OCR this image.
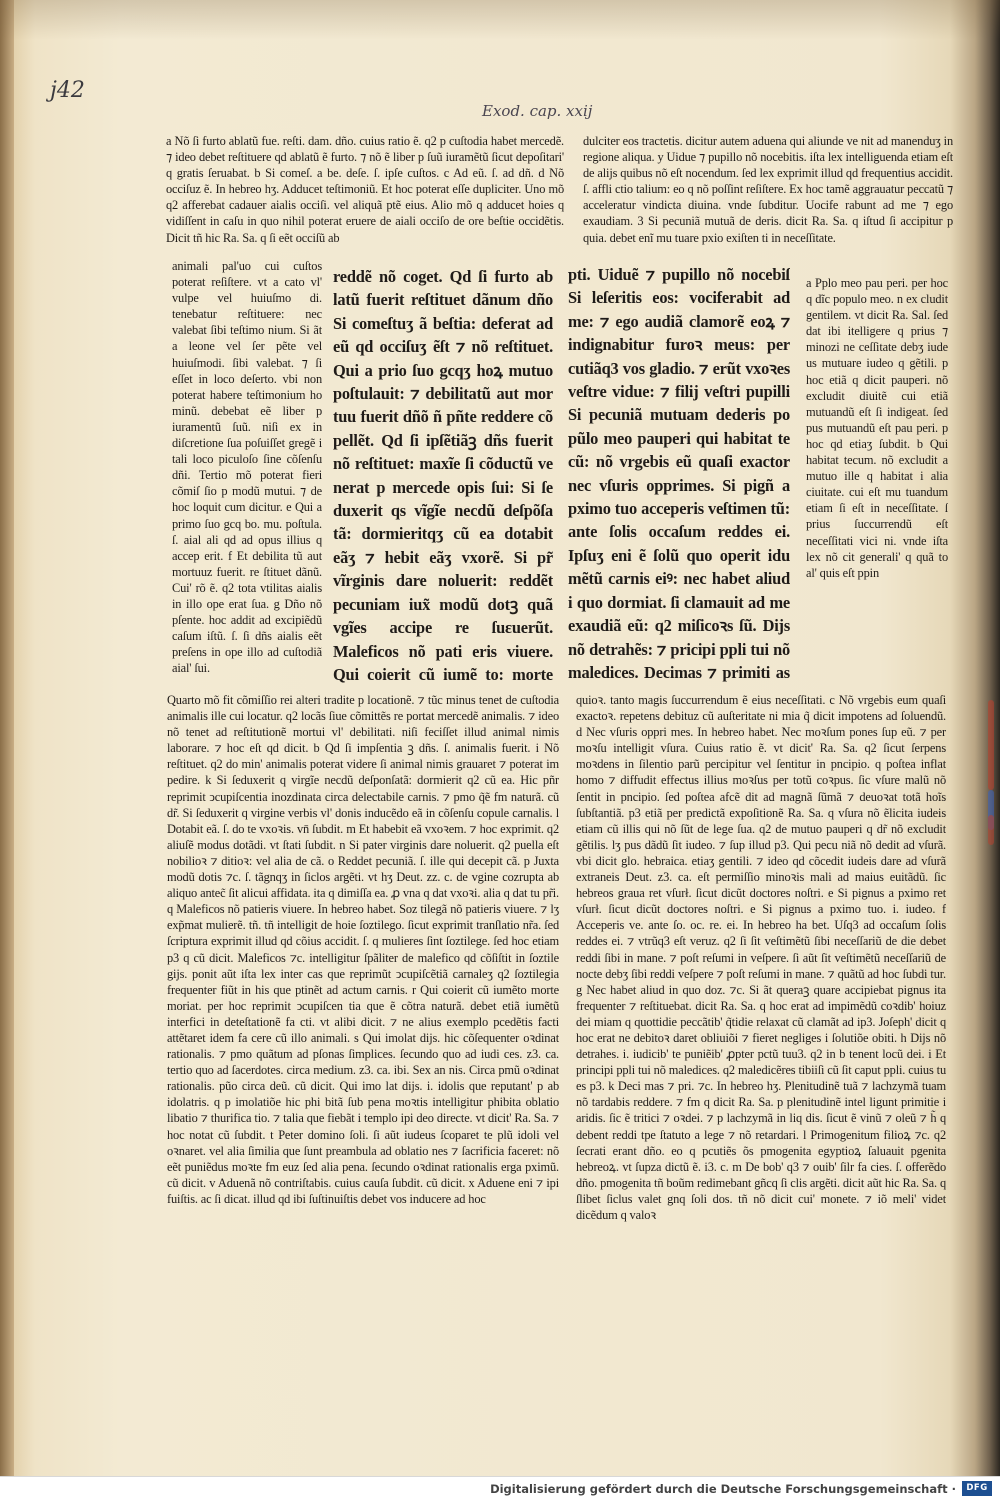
j42
Exod. cap. xxij
a Nõ ſi furto ablatũ fue. reſti. dam. dño. cuius ratio ẽ. q2 p cuſtodia habet mercedẽ. ⁊ ideo debet reſtituere qd ablatũ ẽ furto. ⁊ nõ ẽ liber p ſuũ iuramẽtũ ſicut depoſitari' q gratis ſeruabat. b Si comeſ. a be. deſe. ſ. ipſe cuſtos. c Ad eũ. ſ. ad dñ. d Nõ occiſuz ẽ. In hebreo hʒ. Adducet teſtimoniũ. Et hoc poterat eſſe dupliciter. Uno mõ q2 afferebat cadauer aialis occiſi. vel aliquã ptẽ eius. Alio mõ q adducet hoies q vidiſſent in caſu in quo nihil poterat eruere de aiali occiſo de ore beſtie occidẽtis. Dicit tñ hic Ra. Sa. q ſi eẽt occiſũ ab
dulciter eos tractetis. dicitur autem aduena qui aliunde ve nit ad manenduʒ in regione aliqua. y Uidue ⁊ pupillo nõ nocebitis. iſta lex intelliguenda etiam eſt de alijs quibus nõ eſt nocendum. ſed lex exprimit illud qd frequentius accidit. ſ. affli ctio talium: eo q nõ poſſint reſiſtere. Ex hoc tamẽ aggrauatur peccatũ ⁊ acceleratur vindicta diuina. vnde ſubditur. Uocife rabunt ad me ⁊ ego exaudiam. 3 Si pecuniã mutuã de deris. dicit Ra. Sa. q iſtud ſi accipitur p quia. debet enĩ mu tuare pxio exiſten ti in neceſſitate.
animali pal'uo cui cuſtos poterat reſiſtere. vt a cato vl' vulpe vel huiuſmo di. tenebatur reſtituere: nec valebat ſibi teſtimo nium. Si ãt a leone vel ſer pẽte vel huiuſmodi. ſibi valebat. ⁊ ſi eſſet in loco deſerto. vbi non poterat habere teſtimonium ho minũ. debebat eẽ liber p iuramentũ ſuũ. niſi ex in diſcretione ſua poſuiſſet gregẽ i tali loco piculoſo ſine cõſenſu dñi. Tertio mõ poterat fieri cõmiſ ſio p modũ mutui. ⁊ de hoc loquit cum dicitur. e Qui a primo ſuo gcq bo. mu. poſtula. ſ. aial ali qd ad opus illius q accep erit. f Et debilita tũ aut mortuuz fuerit. re ſtituet dãnũ. Cui' rõ ẽ. q2 tota vtilitas aialis in illo ope erat ſua. g Dño nõ pſente. hoc addit ad excipiẽdũ caſum iſtũ. ſ. ſi dñs aialis eẽt preſens in ope illo ad cuſtodiã aial' ſui.
reddẽ nõ coget. Qd ſi furto ab latũ fuerit reſtituet dãnum dño Si comeſtuʒ ã beſtia: deferat ad eũ qd occiſuʒ ẽſt ⁊ nõ reſtituet. Qui a prio ſuo gcqʒ hoꝝ mutuo poſtulauit: ⁊ debilitatũ aut mor tuu fuerit dñõ ñ pñte reddere cõ pellẽt. Qd ſi ipſẽtiãꝫ dñs fuerit nõ reſtituet: maxĩe ſi cõductũ ve nerat p mercede opis ſui: Si ſe duxerit qs vĩgĩe necdũ deſpõſa tã: dormieritqʒ cũ ea dotabit eãʒ ⁊ hebit eãʒ vxorẽ. Si pr̃ vĩrginis dare noluerit: reddẽt pecuniam iux̃ modũ dotꝫ quã vgĩes accipe re ſuεuerũt. Maleficos nõ pati eris viuere. Qui coierit cũ iumẽ to: morte
pti. Uiduẽ ⁊ pupillo nõ nocebiſ Si leſeritis eos: vociferabit ad me: ⁊ ego audiã clamorẽ eoꝝ ⁊ indignabitur furoꝛ meus: per cutiãq3 vos gladio. ⁊ erũt vxoꝛes veſtre vidue: ⁊ filij veſtri pupilli Si pecuniã mutuam dederis po pũlo meo pauperi qui habitat te cũ: nõ vrgebis eũ quaſi exactor nec vſuris opprimes. Si pigñ a pximo tuo acceperis veſtimen tũ: ante ſolis occaſum reddes ei. Ipſuʒ eni ẽ ſolũ quo operit idu mẽtũ carnis eiꝰ: nec habet aliud i quo dormiat. ſi clamauit ad me exaudiã eũ: q2 miſicoꝛs ſũ. Dijs nõ detrahẽs: ⁊ pricipi ppli tui nõ maledices. Decimas ⁊ primiti as
a Pplo meo pau peri. per hoc q dĩc populo meo. n ex cludit gentilem. vt dicit Ra. Sal. ſed dat ibi itelligere q prius ⁊ minozi ne ceſſitate debʒ iude us mutuare iudeo q gẽtili. p hoc etiã q dicit pauperi. nõ excludit diuitẽ cui etiã mutuandũ eſt ſi indigeat. ſed pus mutuandũ eſt pau peri. p hoc qd etiaʒ ſubdit. b Qui habitat tecum. nõ excludit a mutuo ille q habitat i alia ciuitate. cui eſt mu tuandum etiam ſi eſt in neceſſitate. ſ prius ſuccurrendũ eſt neceſſitati vici ni. vnde iſta lex nõ cit generali' q quã to al' quis eſt ppin
Quarto mõ fit cõmiſſio rei alteri tradite p locationẽ. ⁊ tũc minus tenet de cuſtodia animalis ille cui locatur. q2 locãs ſiue cõmittẽs re portat mercedẽ animalis. ⁊ ideo nõ tenet ad reſtitutionẽ mortui vl' debilitati. niſi feciſſet illud animal nimis laborare. ⁊ hoc eſt qd dicit. b Qd ſi impſentia ꝫ dñs. ſ. animalis fuerit. i Nõ reſtituet. q2 do min' animalis poterat videre ſi animal nimis grauaret ⁊ poterat im pedire. k Si ſeduxerit q virgĩe necdũ deſponſatã: dormierit q2 cũ ea. Hic pñr reprimit ↄcupiſcentia inozdinata circa delectabile carnis. ⁊ pmo q̃ẽ fm naturã. cũ dr̃. Si ſeduxerit q virgine verbis vl' donis inducẽdo eã in cõſenſu copule carnalis. l Dotabit eã. ſ. do te vxoꝛis. vn̄ ſubdit. m Et habebit eã vxoꝛem. ⁊ hoc exprimit. q2 aliuſẽ modus dotãdi. vt ſtati ſubdit. n Si pater virginis dare noluerit. q2 puella eſt nobilioꝛ ⁊ ditioꝛ: vel alia de cã. o Reddet pecuniã. ſ. ille qui decepit cã. p Juxta modũ dotis ⁊c. ſ. tãgnqʒ in ſiclos argẽti. vt hʒ Deut. zz. c. de vgine cozrupta ab aliquo antec̃ ſit alicui affidata. ita q dimiſſa ea. ꝓ vna q dat vxoꝛi. alia q dat tu pr̃i. q Maleficos nõ patieris viuere. In hebreo habet. Soz tilegã nõ patieris viuere. ⁊ lʒ exp̃mat mulierẽ. tñ. tñ intelligit de hoie ſoztilego. ſicut exprimit tranſlatio nr̃a. ſed ſcriptura exprimit illud qd cõius accidit. ſ. q mulieres ſint ſoztilege. ſed hoc etiam p3 q cũ dicit. Maleficos ⁊c. intelligitur ſpãliter de malefico qd cõſiſtit in ſoztile gijs. ponit aũt iſta lex inter cas que reprimũt ↄcupiſcẽtiã carnaleʒ q2 ſoztilegia frequenter fiũt in his que ptinẽt ad actum carnis. r Qui coierit cũ iumẽto morte moriat. per hoc reprimit ↄcupiſcen tia que ẽ cõtra naturã. debet etiã iumẽtũ interfici in deteſtationẽ fa cti. vt alibi dicit. ⁊ ne alius exemplo pcedẽtis facti attẽtaret idem fa cere cũ illo animali. s Qui imolat dijs. hic cõſequenter oꝛdinat rationalis. ⁊ pmo quãtum ad pſonas ſimplices. ſecundo quo ad iudi ces. z3. ca. tertio quo ad ſacerdotes. circa medium. z3. ca. ibi. Sex an nis. Circa pmũ oꝛdinat rationalis. pũo circa deũ. cũ dicit. Qui imo lat dijs. i. idolis que reputant' p ab idolatris. q p imolatiõe hic phi bitã ſub pena moꝛtis intelligitur phibita oblatio libatio ⁊ thurifica tio. ⁊ talia que fiebãt i templo ipi deo directe. vt dicit' Ra. Sa. ⁊ hoc notat cũ ſubdit. t Peter domino ſoli. ſi aũt iudeus ſcoparet te plũ idoli vel oꝛnaret. vel alia ſimilia que ſunt preambula ad oblatio nes ⁊ ſacrificia faceret: nõ eẽt puniẽdus moꝛte fm euz ſed alia pena. ſecundo oꝛdinat rationalis erga pximũ. cũ dicit. v Aduenã nõ contriſtabis. cuius cauſa ſubdit. cũ dicit. x Aduene eni ⁊ ipi fuiſtis. ac ſi dicat. illud qd ibi ſuſtinuiſtis debet vos inducere ad hoc
quioꝛ. tanto magis ſuccurrendum ẽ eius neceſſitati. c Nõ vrgebis eum quaſi exactoꝛ. repetens debituz cũ auſteritate ni mia q̃ dicit impotens ad ſoluendũ. d Nec vſuris oppri mes. In hebreo habet. Nec moꝛſum pones ſup eũ. ⁊ per moꝛſu intelligit vſura. Cuius ratio ẽ. vt dicit' Ra. Sa. q2 ſicut ſerpens moꝛdens in ſilentio parũ percipitur vel ſentitur in pncipio. q poſtea inflat homo ⁊ diffudit effectus illius moꝛſus per totũ coꝛpus. ſic vſure malũ nõ ſentit in pncipio. ſed poſtea afcẽ dit ad magnã ſũmã ⁊ deuoꝛat totã hoĩs ſubſtantiã. p3 etiã per predictã expoſitionẽ Ra. Sa. q vſura nõ ẽlicita iudeis etiam cũ illis qui nõ ſũt de lege ſua. q2 de mutuo pauperi q dr̃ nõ excludit gẽtilis. lʒ pus dãdũ ſit iudeo. ⁊ ſup illud p3. Qui pecu niã nõ dedit ad vſurã. vbi dicit glo. hebraica. etiaʒ gentili. ⁊ ideo qd cõcedit iudeis dare ad vſurã extraneis Deut. z3. ca. eſt permiſſio minoꝛis mali ad maius euitãdũ. ſic hebreos graua ret vſurł. ſicut dicũt doctores noſtri. e Si pignus a pximo ret vſurł. ſicut dicũt doctores noſtri. e Si pignus a pximo tuo. i. iudeo. f Acceperis ve. ante ſo. oc. re. ei. In hebreo ha bet. Uſq3 ad occaſum ſolis reddes ei. ⁊ vtrũq3 eſt veruz. q2 ſi ſit veſtimẽtũ ſibi neceſſariũ de die debet reddi ſibi in mane. ⁊ poſt reſumi in veſpere. ſi aũt ſit veſtimẽtũ neceſſariũ de nocte debʒ ſibi reddi veſpere ⁊ poſt reſumi in mane. ⁊ quãtũ ad hoc ſubdi tur. g Nec habet aliud in quo doz. ⁊c. Si ãt queraꝫ quare accipiebat pignus ita frequenter ⁊ reſtituebat. dicit Ra. Sa. q hoc erat ad impimẽdũ coꝛdib' hoiuz dei miam q quottidie peccãtib' q̃tidie relaxat cũ clamãt ad ip3. Joſeph' dicit q hoc erat ne debitoꝛ daret obliuiõi ⁊ fieret negliges i ſolutiõe obiti. h Dijs nõ detrahes. i. iudicib' te puniẽib' ꝓpter pctũ tuu3. q2 in b tenent locũ dei. i Et principi ppli tui nõ maledices. q2 maledicẽres tibiiſi cũ ſit caput ppli. cuius tu es p3. k Deci mas ⁊ pri. ⁊c. In hebreo hʒ. Plenitudinẽ tuã ⁊ lachzymã tuam nõ tardabis reddere. ⁊ fm q dicit Ra. Sa. p plenitudinẽ intel ligunt primitie i aridis. ſic ẽ tritici ⁊ oꝛdei. ⁊ p lachzymã in liq dis. ſicut ẽ vinũ ⁊ oleũ ⁊ h̃ q debent reddi tpe ſtatuto a lege ⁊ nõ retardari. l Primogenitum filioꝝ ⁊c. q2 ſecrati erant dño. eo q pcutiẽs õs pmogenita egyptioꝝ ſaluauit pgenita hebreoꝝ. vt ſupza dictũ ẽ. i3. c. m De bob' q3 ⁊ ouib' ſilr fa cies. ſ. offerẽdo dño. pmogenita tñ boũm redimebant gñcq ſi clis argẽti. dicit aũt hic Ra. Sa. q ſlibet ſiclus valet gnq ſoli dos. tñ nõ dicit cui' monete. ⁊ iõ meli' videt dicẽdum q valoꝛ
Digitalisierung gefördert durch die Deutsche Forschungsgemeinschaft ·	DFG
